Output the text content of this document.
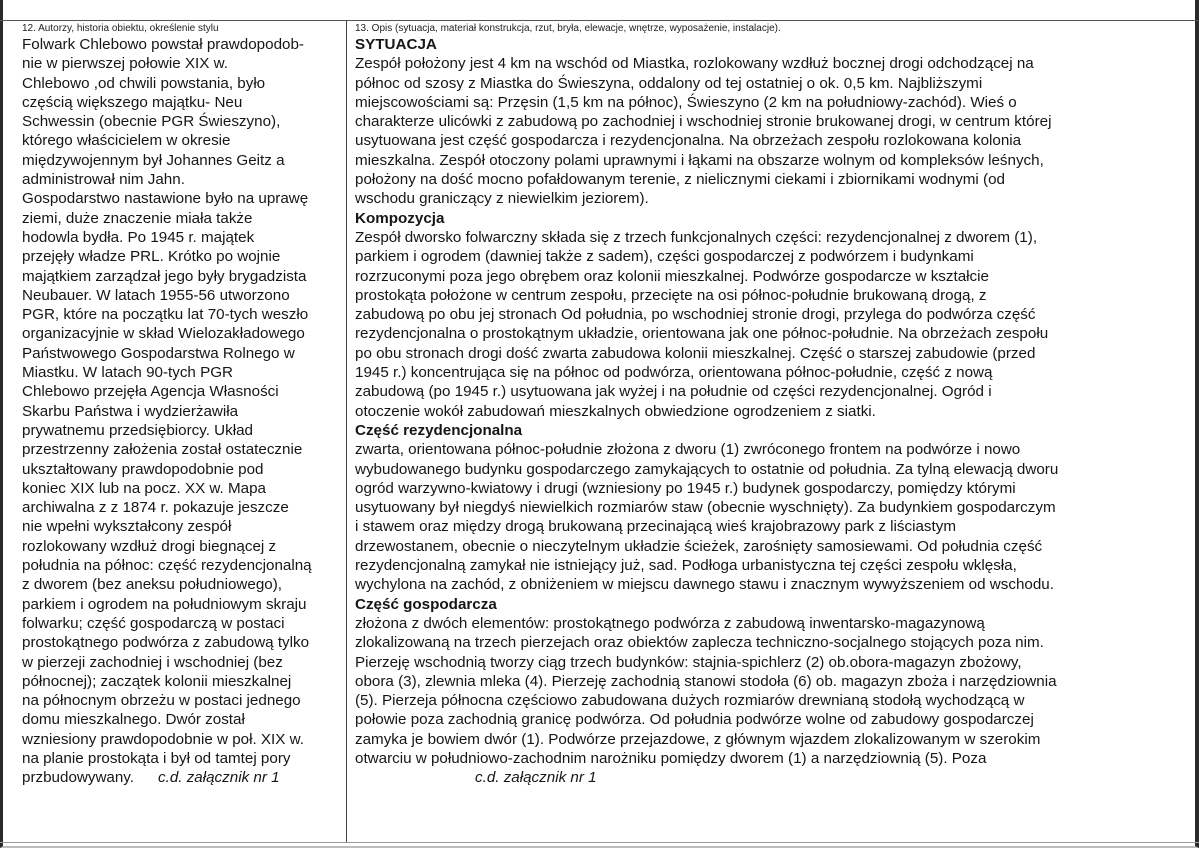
12. Autorzy, historia obiektu, określenie stylu
Folwark Chlebowo powstał prawdopodob-
nie w pierwszej połowie XIX w.
Chlebowo ,od chwili powstania, było
częścią większego majątku- Neu
Schwessin (obecnie PGR Świeszyno),
którego właścicielem w okresie
międzywojennym był Johannes Geitz a
administrował nim Jahn.
Gospodarstwo nastawione było na uprawę
ziemi, duże znaczenie miała także
hodowla bydła. Po 1945 r. majątek
przejęły władze PRL. Krótko po wojnie
majątkiem zarządzał jego były brygadzista
Neubauer. W latach 1955-56 utworzono
PGR, które na początku lat 70-tych weszło
organizacyjnie w skład Wielozakładowego
Państwowego Gospodarstwa Rolnego w
Miastku. W latach 90-tych PGR
Chlebowo przejęła Agencja Własności
Skarbu Państwa i wydzierżawiła
prywatnemu przedsiębiorcy. Układ
przestrzenny założenia został ostatecznie
ukształtowany prawdopodobnie pod
koniec XIX lub na pocz. XX w. Mapa
archiwalna z z 1874 r. pokazuje jeszcze
nie wpełni wykształcony zespół
rozlokowany wzdłuż drogi biegnącej z
południa na północ: część rezydencjonalną
z dworem (bez aneksu południowego),
parkiem i ogrodem na południowym skraju
folwarku; część gospodarczą w postaci
prostokątnego podwórza z zabudową tylko
w pierzeji zachodniej i wschodniej (bez
północnej); zaczątek kolonii mieszkalnej
na północnym obrzeżu w postaci jednego
domu mieszkalnego. Dwór został
wzniesiony prawdopodobnie w poł. XIX w.
na planie prostokąta i był od tamtej pory
przbudowywany. c.d. załącznik nr 1
13. Opis (sytuacja, materiał konstrukcja, rzut, bryła, elewacje, wnętrze, wyposażenie, instalacje).
SYTUACJA
Zespół położony jest 4 km na wschód od Miastka, rozlokowany wzdłuż bocznej drogi odchodzącej na
północ od szosy z Miastka do Świeszyna, oddalony od tej ostatniej o ok. 0,5 km. Najbliższymi
miejscowościami są: Przęsin (1,5 km na północ), Świeszyno (2 km na południowy-zachód). Wieś o
charakterze ulicówki z zabudową po zachodniej i wschodniej stronie brukowanej drogi, w centrum której
usytuowana jest część gospodarcza i rezydencjonalna. Na obrzeżach zespołu rozlokowana kolonia
mieszkalna. Zespół otoczony polami uprawnymi i łąkami na obszarze wolnym od kompleksów leśnych,
położony na dość mocno pofałdowanym terenie, z nielicznymi ciekami i zbiornikami wodnymi (od
wschodu graniczący z niewielkim jeziorem).
Kompozycja
Zespół dworsko folwarczny składa się z trzech funkcjonalnych części: rezydencjonalnej z dworem (1),
parkiem i ogrodem (dawniej także z sadem), części gospodarczej z podwórzem i budynkami
rozrzuconymi poza jego obrębem oraz kolonii mieszkalnej. Podwórze gospodarcze w kształcie
prostokąta położone w centrum zespołu, przecięte na osi północ-południe brukowaną drogą, z
zabudową po obu jej stronach Od południa, po wschodniej stronie drogi, przylega do podwórza część
rezydencjonalna o prostokątnym układzie, orientowana jak one północ-południe. Na obrzeżach zespołu
po obu stronach drogi dość zwarta zabudowa kolonii mieszkalnej. Część o starszej zabudowie (przed
1945 r.) koncentrująca się na północ od podwórza, orientowana północ-południe, część z nową
zabudową (po 1945 r.) usytuowana jak wyżej i na południe od części rezydencjonalnej. Ogród i
otoczenie wokół zabudowań mieszkalnych obwiedzione ogrodzeniem z siatki.
Część rezydencjonalna
zwarta, orientowana północ-południe złożona z dworu (1) zwróconego frontem na podwórze i nowo
wybudowanego budynku gospodarczego zamykających to ostatnie od południa. Za tylną elewacją dworu
ogród warzywno-kwiatowy i drugi (wzniesiony po 1945 r.) budynek gospodarczy, pomiędzy którymi
usytuowany był niegdyś niewielkich rozmiarów staw (obecnie wyschnięty). Za budynkiem gospodarczym
i stawem oraz między drogą brukowaną przecinającą wieś krajobrazowy park z liściastym
drzewostanem, obecnie o nieczytelnym układzie ścieżek, zarośnięty samosiewami. Od południa część
rezydencjonalną zamykał nie istniejący już, sad. Podłoga urbanistyczna tej części zespołu wklęsła,
wychylona na zachód, z obniżeniem w miejscu dawnego stawu i znacznym wywyższeniem od wschodu.
Część gospodarcza
złożona z dwóch elementów: prostokątnego podwórza z zabudową inwentarsko-magazynową
zlokalizowaną na trzech pierzejach oraz obiektów zaplecza techniczno-socjalnego stojących poza nim.
Pierzeję wschodnią tworzy ciąg trzech budynków: stajnia-spichlerz (2) ob.obora-magazyn zbożowy,
obora (3), zlewnia mleka (4). Pierzeję zachodnią stanowi stodoła (6) ob. magazyn zboża i narzędziownia
(5). Pierzeja północna częściowo zabudowana dużych rozmiarów drewnianą stodołą wychodzącą w
połowie poza zachodnią granicę podwórza. Od południa podwórze wolne od zabudowy gospodarczej
zamyka je bowiem dwór (1). Podwórze przejazdowe, z głównym wjazdem zlokalizowanym w szerokim
otwarciu w południowo-zachodnim narożniku pomiędzy dworem (1) a narzędziownią (5). Poza
c.d. załącznik nr 1
